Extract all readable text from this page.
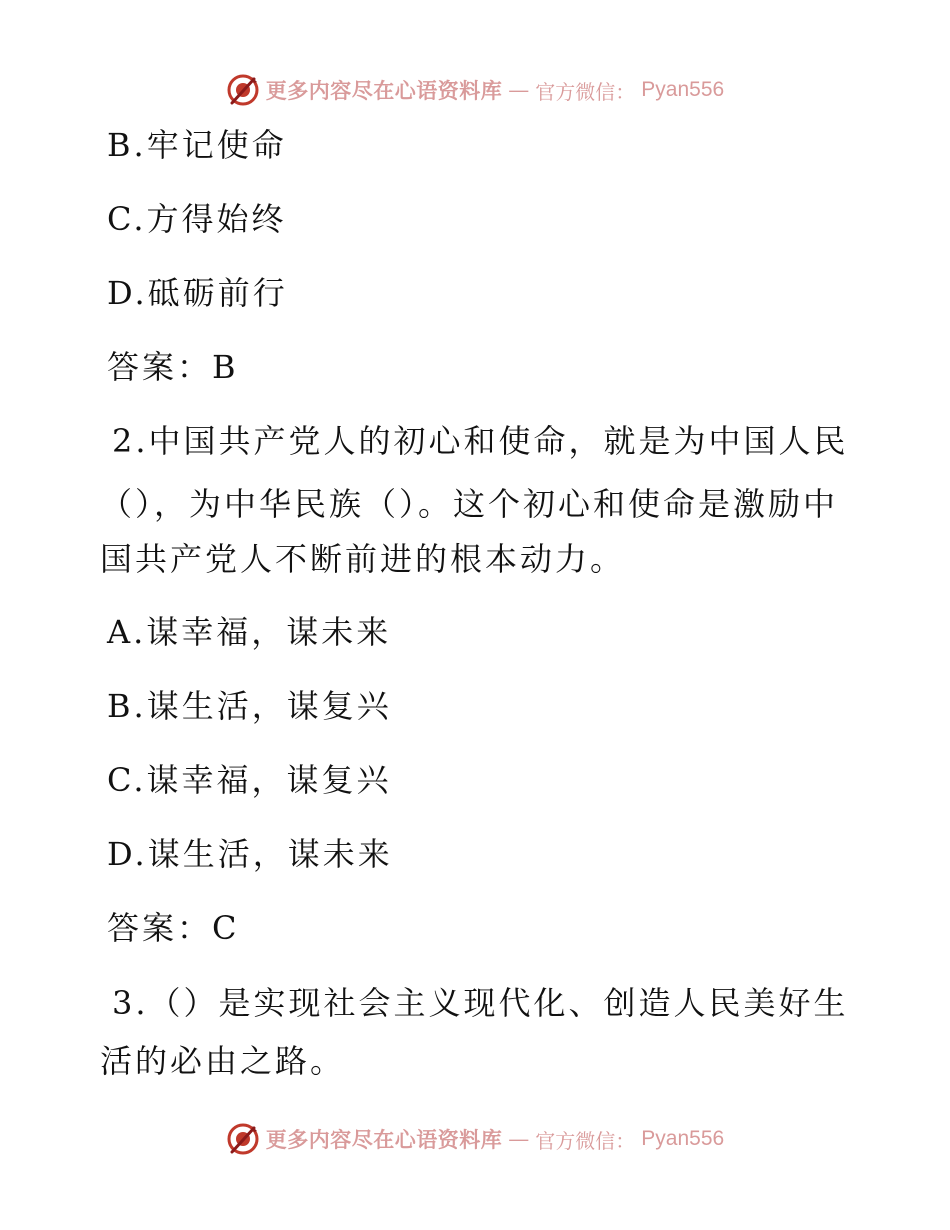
更多内容尽在心语资料库 — 官方微信： Pyan556
B.牢记使命
C.方得始终
D.砥砺前行
答案：B
2.中国共产党人的初心和使命，就是为中国人民
（），为中华民族（）。这个初心和使命是激励中
国共产党人不断前进的根本动力。
A.谋幸福，谋未来
B.谋生活，谋复兴
C.谋幸福，谋复兴
D.谋生活，谋未来
答案：C
3.（）是实现社会主义现代化、创造人民美好生
活的必由之路。
更多内容尽在心语资料库 — 官方微信： Pyan556
